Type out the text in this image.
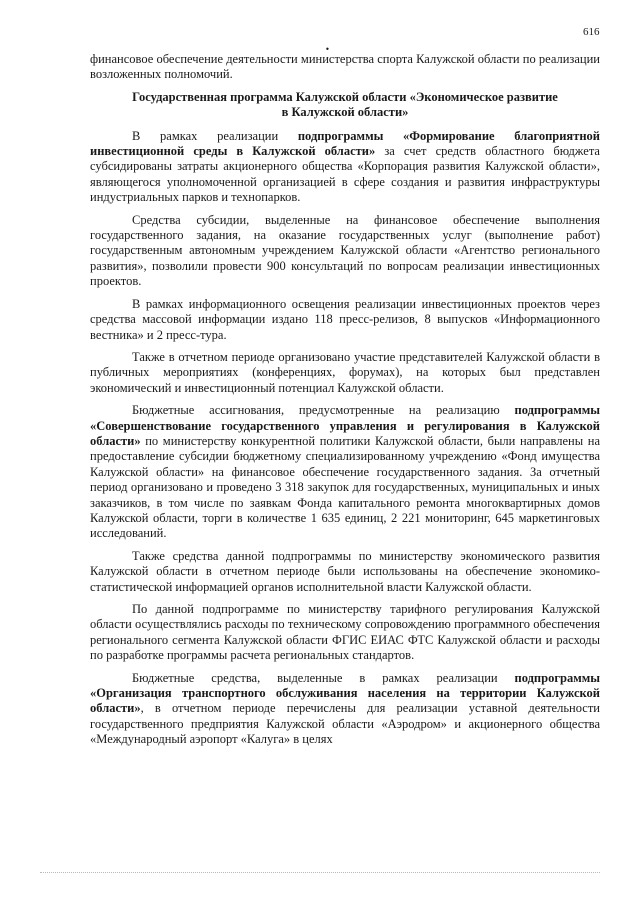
616
•

финансовое обеспечение деятельности министерства спорта Калужской области по реализации возложенных полномочий.

Государственная программа Калужской области «Экономическое развитие в Калужской области»

В рамках реализации подпрограммы «Формирование благоприятной инвестиционной среды в Калужской области» за счет средств областного бюджета субсидированы затраты акционерного общества «Корпорация развития Калужской области», являющегося уполномоченной организацией в сфере создания и развития инфраструктуры индустриальных парков и технопарков.

Средства субсидии, выделенные на финансовое обеспечение выполнения государственного задания, на оказание государственных услуг (выполнение работ) государственным автономным учреждением Калужской области «Агентство регионального развития», позволили провести 900 консультаций по вопросам реализации инвестиционных проектов.

В рамках информационного освещения реализации инвестиционных проектов через средства массовой информации издано 118 пресс-релизов, 8 выпусков «Информационного вестника» и 2 пресс-тура.

Также в отчетном периоде организовано участие представителей Калужской области в публичных мероприятиях (конференциях, форумах), на которых был представлен экономический и инвестиционный потенциал Калужской области.

Бюджетные ассигнования, предусмотренные на реализацию подпрограммы «Совершенствование государственного управления и регулирования в Калужской области» по министерству конкурентной политики Калужской области, были направлены на предоставление субсидии бюджетному специализированному учреждению «Фонд имущества Калужской области» на финансовое обеспечение государственного задания. За отчетный период организовано и проведено 3 318 закупок для государственных, муниципальных и иных заказчиков, в том числе по заявкам Фонда капитального ремонта многоквартирных домов Калужской области, торги в количестве 1 635 единиц, 2 221 мониторинг, 645 маркетинговых исследований.

Также средства данной подпрограммы по министерству экономического развития Калужской области в отчетном периоде были использованы на обеспечение экономико-статистической информацией органов исполнительной власти Калужской области.

По данной подпрограмме по министерству тарифного регулирования Калужской области осуществлялись расходы по техническому сопровождению программного обеспечения регионального сегмента Калужской области ФГИС ЕИАС ФТС Калужской области и расходы по разработке программы расчета региональных стандартов.

Бюджетные средства, выделенные в рамках реализации подпрограммы «Организация транспортного обслуживания населения на территории Калужской области», в отчетном периоде перечислены для реализации уставной деятельности государственного предприятия Калужской области «Аэродром» и акционерного общества «Международный аэропорт «Калуга» в целях
